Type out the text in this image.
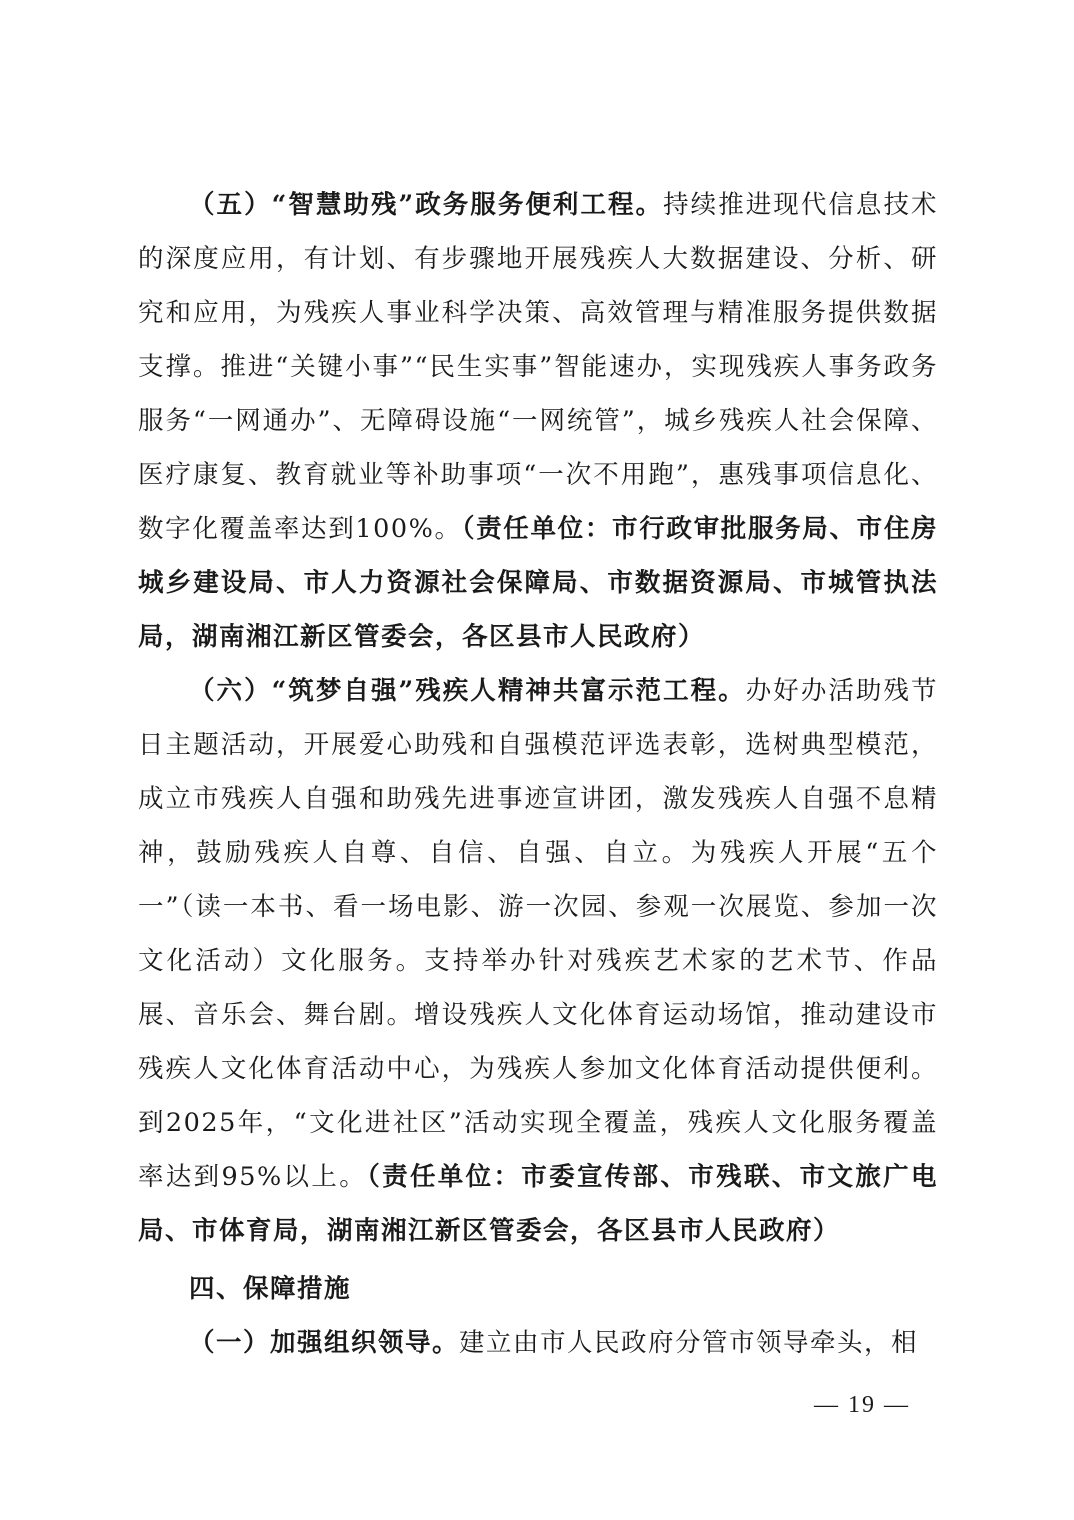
（五）“智慧助残”政务服务便利工程。持续推进现代信息技术的深度应用，有计划、有步骤地开展残疾人大数据建设、分析、研究和应用，为残疾人事业科学决策、高效管理与精准服务提供数据支撑。推进“关键小事”“民生实事”智能速办，实现残疾人事务政务服务“一网通办”、无障碍设施“一网统管”，城乡残疾人社会保障、医疗康复、教育就业等补助事项“一次不用跑”，惠残事项信息化、数字化覆盖率达到100%。（责任单位：市行政审批服务局、市住房城乡建设局、市人力资源社会保障局、市数据资源局、市城管执法局，湖南湘江新区管委会，各区县市人民政府）

（六）“筑梦自强”残疾人精神共富示范工程。办好办活助残节日主题活动，开展爱心助残和自强模范评选表彰，选树典型模范，成立市残疾人自强和助残先进事迹宣讲团，激发残疾人自强不息精神，鼓励残疾人自尊、自信、自强、自立。为残疾人开展“五个一”（读一本书、看一场电影、游一次园、参观一次展览、参加一次文化活动）文化服务。支持举办针对残疾艺术家的艺术节、作品展、音乐会、舞台剧。增设残疾人文化体育运动场馆，推动建设市残疾人文化体育活动中心，为残疾人参加文化体育活动提供便利。到2025年，“文化进社区”活动实现全覆盖，残疾人文化服务覆盖率达到95%以上。（责任单位：市委宣传部、市残联、市文旅广电局、市体育局，湖南湘江新区管委会，各区县市人民政府）

四、保障措施

（一）加强组织领导。建立由市人民政府分管市领导牵头，相

— 19 —
